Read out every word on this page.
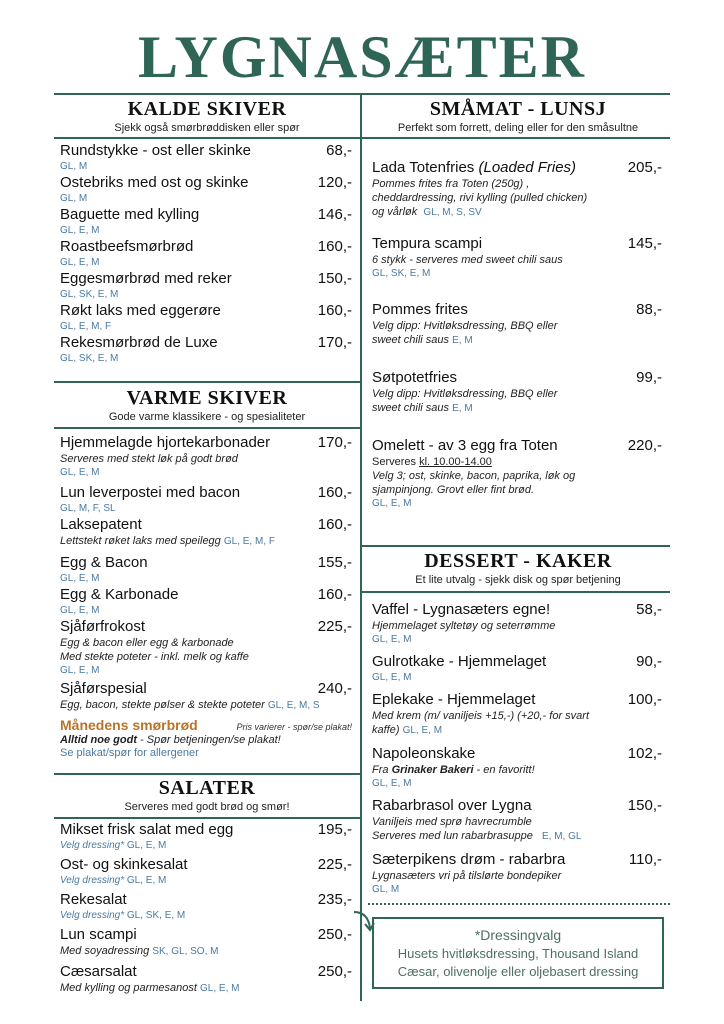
LYGNASÆTER
KALDE SKIVER
Sjekk også smørbrøddisken eller spør
Rundstykke - ost eller skinke	68,-
GL, M
Ostebriks med ost og skinke	120,-
GL, M
Baguette med kylling	146,-
GL, E, M
Roastbeefsmørbrød	160,-
GL, E, M
Eggesmørbrød med reker	150,-
GL, SK, E, M
Røkt laks med eggerøre	160,-
GL, E, M, F
Rekesmørbrød de Luxe	170,-
GL, SK, E, M
VARME SKIVER
Gode varme klassikere - og spesialiteter
Hjemmelagde hjortekarbonader	170,-
Serveres med stekt løk på godt brød
GL, E, M
Lun leverpostei med bacon	160,-
GL, M, F, SL
Laksepatent	160,-
Lettstekt røket laks med speilegg GL, E, M, F
Egg & Bacon	155,-
GL, E, M
Egg & Karbonade	160,-
GL, E, M
Sjåførfrokost	225,-
Egg & bacon eller egg & karbonade
Med stekte poteter - inkl. melk og kaffe
GL, E, M
Sjåførspesial	240,-
Egg, bacon, stekte pølser & stekte poteter GL, E, M, S
Månedens smørbrød	Pris varierer - spør/se plakat!
Alltid noe godt - Spør betjeningen/se plakat!
Se plakat/spør for allergener
SALATER
Serveres med godt brød og smør!
Mikset frisk salat med egg	195,-
Velg dressing* GL, E, M
Ost- og skinkesalat	225,-
Velg dressing* GL, E, M
Rekesalat	235,-
Velg dressing* GL, SK, E, M
Lun scampi	250,-
Med soyadressing SK, GL, SO, M
Cæsarsalat	250,-
Med kylling og parmesanost GL, E, M
SMÅMAT - LUNSJ
Perfekt som forrett, deling eller for den småsultne
Lada Totenfries (Loaded Fries)	205,-
Pommes frites fra Toten (250g) ,
cheddardressing, rivi kylling (pulled chicken)
og vårløk GL, M, S, SV
Tempura scampi	145,-
6 stykk - serveres med sweet chili saus
GL, SK, E, M
Pommes frites	88,-
Velg dipp: Hvitløksdressing, BBQ eller
sweet chili saus E, M
Søtpotetfries	99,-
Velg dipp: Hvitløksdressing, BBQ eller
sweet chili saus E, M
Omelett - av 3 egg fra Toten	220,-
Serveres kl. 10.00-14.00
Velg 3; ost, skinke, bacon, paprika, løk og
sjampinjong. Grovt eller fint brød.
GL, E, M
DESSERT - KAKER
Et lite utvalg - sjekk disk og spør betjening
Vaffel - Lygnasæters egne!	58,-
Hjemmelaget syltetøy og seterrømme
GL, E, M
Gulrotkake - Hjemmelaget	90,-
GL, E, M
Eplekake - Hjemmelaget	100,-
Med krem (m/ vaniljeis +15,-) (+20,- for svart
kaffe) GL, E, M
Napoleonskake	102,-
Fra Grinaker Bakeri - en favoritt!
GL, E, M
Rabarbrasol over Lygna	150,-
Vaniljeis med sprø havrecrumble
Serveres med lun rabarbrasuppe E, M, GL
Sæterpikens drøm - rabarbra	110,-
Lygnasæters vri på tilslørte bondepiker
GL, M
*Dressingvalg
Husets hvitløksdressing, Thousand Island
Cæsar, olivenolje eller oljebasert dressing
